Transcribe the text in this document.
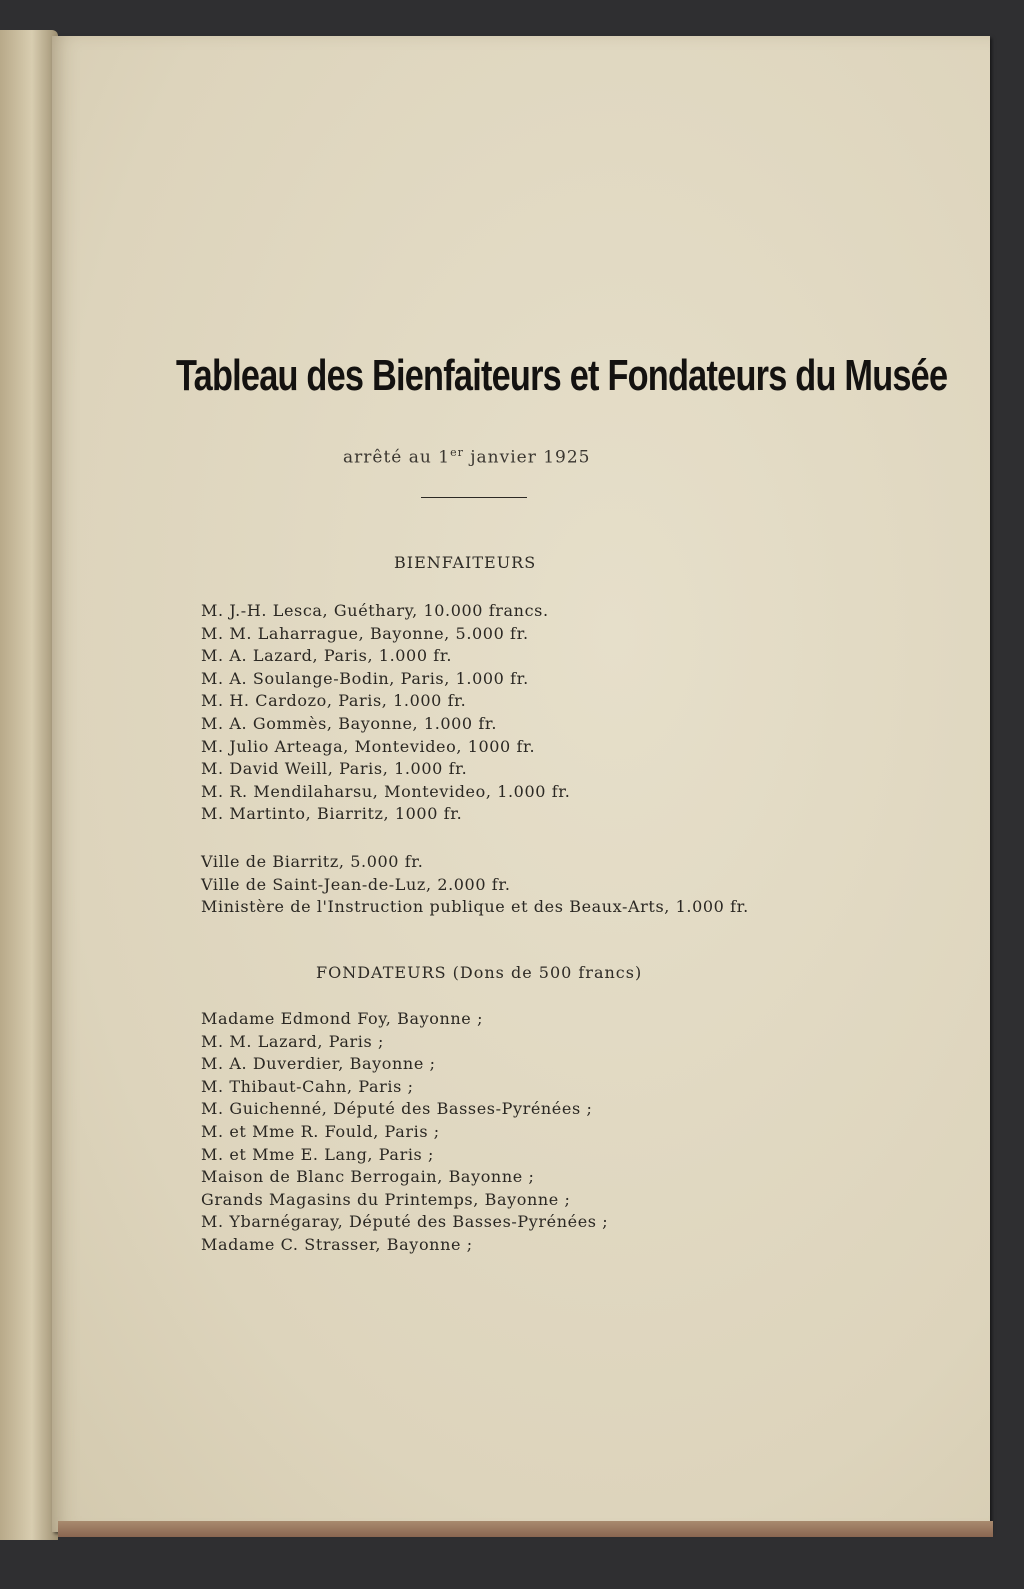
Tableau des Bienfaiteurs et Fondateurs du Musée
arrêté au 1er janvier 1925
BIENFAITEURS
M. J.-H. Lesca, Guéthary, 10.000 francs.
M. M. Laharrague, Bayonne, 5.000 fr.
M. A. Lazard, Paris, 1.000 fr.
M. A. Soulange-Bodin, Paris, 1.000 fr.
M. H. Cardozo, Paris, 1.000 fr.
M. A. Gommès, Bayonne, 1.000 fr.
M. Julio Arteaga, Montevideo, 1000 fr.
M. David Weill, Paris, 1.000 fr.
M. R. Mendilaharsu, Montevideo, 1.000 fr.
M. Martinto, Biarritz, 1000 fr.
Ville de Biarritz, 5.000 fr.
Ville de Saint-Jean-de-Luz, 2.000 fr.
Ministère de l'Instruction publique et des Beaux-Arts, 1.000 fr.
FONDATEURS (Dons de 500 francs)
Madame Edmond Foy, Bayonne ;
M. M. Lazard, Paris ;
M. A. Duverdier, Bayonne ;
M. Thibaut-Cahn, Paris ;
M. Guichenné, Député des Basses-Pyrénées ;
M. et Mme R. Fould, Paris ;
M. et Mme E. Lang, Paris ;
Maison de Blanc Berrogain, Bayonne ;
Grands Magasins du Printemps, Bayonne ;
M. Ybarnégaray, Député des Basses-Pyrénées ;
Madame C. Strasser, Bayonne ;
